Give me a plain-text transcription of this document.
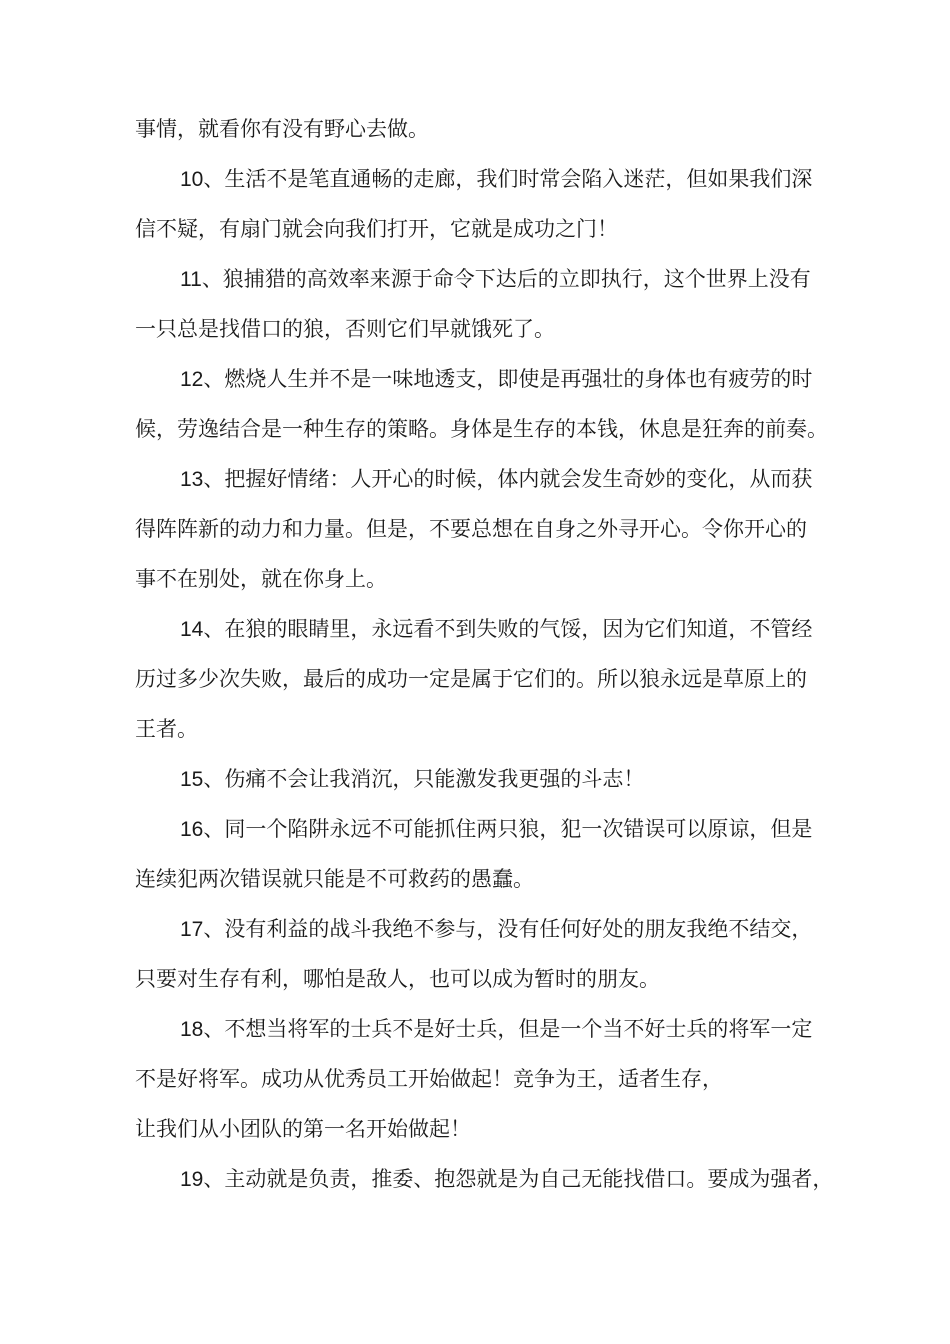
事情，就看你有没有野心去做。
10、生活不是笔直通畅的走廊，我们时常会陷入迷茫，但如果我们深
信不疑，有扇门就会向我们打开，它就是成功之门！
11、狼捕猎的高效率来源于命令下达后的立即执行，这个世界上没有
一只总是找借口的狼，否则它们早就饿死了。
12、燃烧人生并不是一味地透支，即使是再强壮的身体也有疲劳的时
候，劳逸结合是一种生存的策略。身体是生存的本钱，休息是狂奔的前奏。
13、把握好情绪：人开心的时候，体内就会发生奇妙的变化，从而获
得阵阵新的动力和力量。但是，不要总想在自身之外寻开心。令你开心的
事不在别处，就在你身上。
14、在狼的眼睛里，永远看不到失败的气馁，因为它们知道，不管经
历过多少次失败，最后的成功一定是属于它们的。所以狼永远是草原上的
王者。
15、伤痛不会让我消沉，只能激发我更强的斗志！
16、同一个陷阱永远不可能抓住两只狼，犯一次错误可以原谅，但是
连续犯两次错误就只能是不可救药的愚蠢。
17、没有利益的战斗我绝不参与，没有任何好处的朋友我绝不结交，
只要对生存有利，哪怕是敌人，也可以成为暂时的朋友。
18、不想当将军的士兵不是好士兵，但是一个当不好士兵的将军一定
不是好将军。成功从优秀员工开始做起！竞争为王，适者生存，
让我们从小团队的第一名开始做起！
19、主动就是负责，推委、抱怨就是为自己无能找借口。要成为强者，
